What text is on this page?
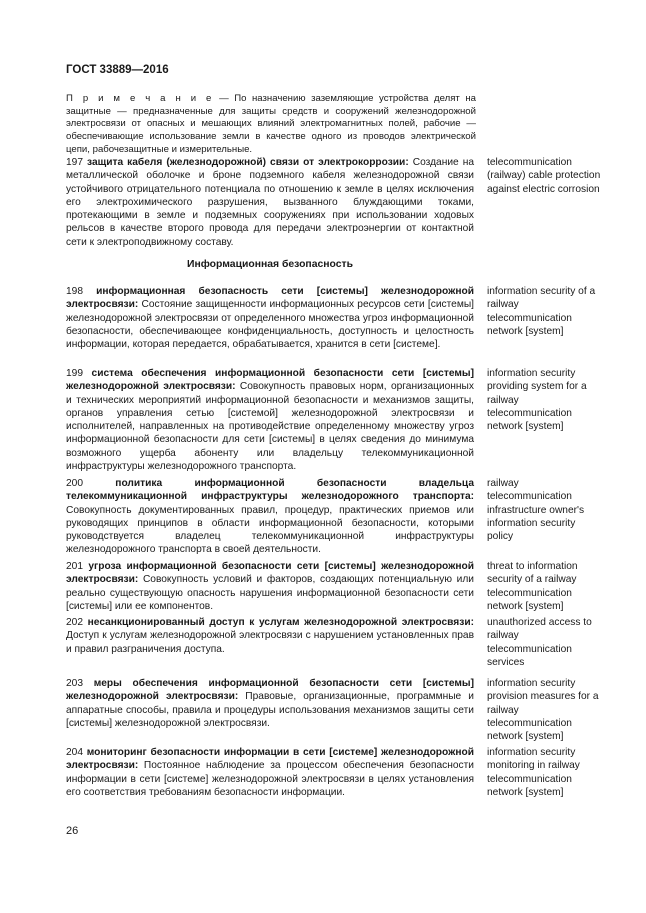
ГОСТ 33889—2016
П р и м е ч а н и е — По назначению заземляющие устройства делят на защитные — предназначенные для защиты средств и сооружений железнодорожной электросвязи от опасных и мешающих влияний электромагнитных полей, рабочие — обеспечивающие использование земли в качестве одного из проводов электрической цепи, рабочезащитные и измерительные.
197 защита кабеля (железнодорожной) связи от электрокоррозии: Создание на металлической оболочке и броне подземного кабеля железнодорожной связи устойчивого отрицательного потенциала по отношению к земле в целях исключения его электрохимического разрушения, вызванного блуждающими токами, протекающими в земле и подземных сооружениях при использовании ходовых рельсов в качестве второго провода для передачи электроэнергии от контактной сети к электроподвижному составу.
telecommunication (railway) cable protection against electric corrosion
Информационная безопасность
198 информационная безопасность сети [системы] железнодорожной электросвязи: Состояние защищенности информационных ресурсов сети [системы] железнодорожной электросвязи от определенного множества угроз информационной безопасности, обеспечивающее конфиденциальность, доступность и целостность информации, которая передается, обрабатывается, хранится в сети [системе].
information security of a railway telecommunication network [system]
199 система обеспечения информационной безопасности сети [системы] железнодорожной электросвязи: Совокупность правовых норм, организационных и технических мероприятий информационной безопасности и механизмов защиты, органов управления сетью [системой] железнодорожной электросвязи и исполнителей, направленных на противодействие определенному множеству угроз информационной безопасности для сети [системы] в целях сведения до минимума возможного ущерба абоненту или владельцу телекоммуникационной инфраструктуры железнодорожного транспорта.
information security providing system for a railway telecommunication network [system]
200	политика информационной безопасности владельца телекоммуникационной инфраструктуры железнодорожного транспорта: Совокупность документированных правил, процедур, практических приемов или руководящих принципов в области информационной безопасности, которыми руководствуется владелец телекоммуникационной инфраструктуры железнодорожного транспорта в своей деятельности.
railway telecommunication infrastructure owner's information security policy
201 угроза информационной безопасности сети [системы] железнодорожной электросвязи: Совокупность условий и факторов, создающих потенциальную или реально существующую опасность нарушения информационной безопасности сети [системы] или ее компонентов.
threat to information security of a railway telecommunication network [system]
202 несанкционированный доступ к услугам железнодорожной электросвязи: Доступ к услугам железнодорожной электросвязи с нарушением установленных прав и правил разграничения доступа.
unauthorized access to railway telecommunication services
203 меры обеспечения информационной безопасности сети [системы] железнодорожной электросвязи: Правовые, организационные, программные и аппаратные способы, правила и процедуры использования механизмов защиты сети [системы] железнодорожной электросвязи.
information security provision measures for a railway telecommunication network [system]
204 мониторинг безопасности информации в сети [системе] железнодорожной электросвязи: Постоянное наблюдение за процессом обеспечения безопасности информации в сети [системе] железнодорожной электросвязи в целях установления его соответствия требованиям безопасности информации.
information security monitoring in railway telecommunication network [system]
26
